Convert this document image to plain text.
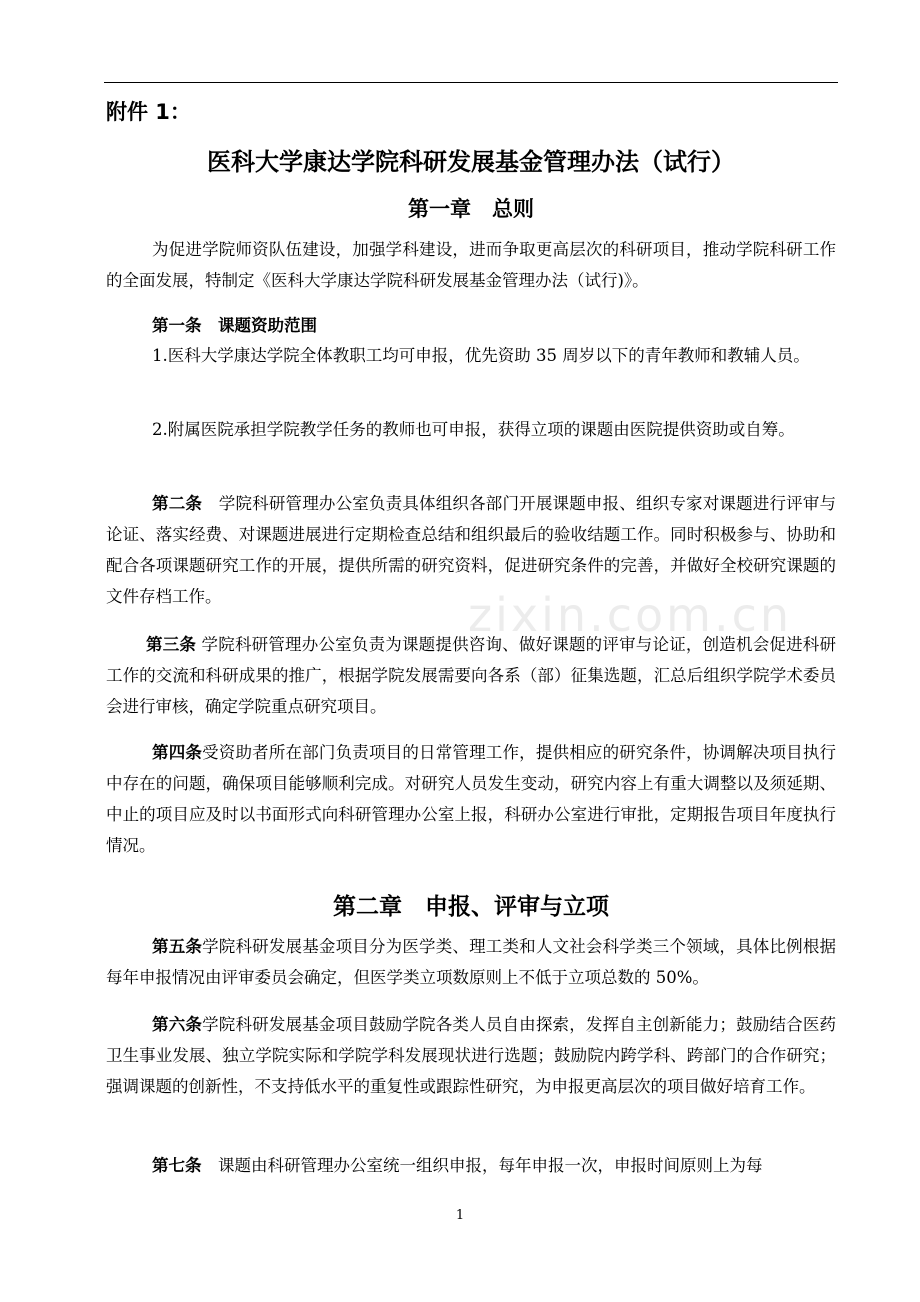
附件 1：
医科大学康达学院科研发展基金管理办法（试行）
第一章　总则

为促进学院师资队伍建设，加强学科建设，进而争取更高层次的科研项目，推动学院科研工作的全面发展，特制定《医科大学康达学院科研发展基金管理办法（试行)》。

第一条　课题资助范围

1.医科大学康达学院全体教职工均可申报，优先资助 35 周岁以下的青年教师和教辅人员。

2.附属医院承担学院教学任务的教师也可申报，获得立项的课题由医院提供资助或自筹。

第二条　学院科研管理办公室负责具体组织各部门开展课题申报、组织专家对课题进行评审与论证、落实经费、对课题进展进行定期检查总结和组织最后的验收结题工作。同时积极参与、协助和配合各项课题研究工作的开展，提供所需的研究资料，促进研究条件的完善，并做好全校研究课题的文件存档工作。

第三条 学院科研管理办公室负责为课题提供咨询、做好课题的评审与论证，创造机会促进科研工作的交流和科研成果的推广，根据学院发展需要向各系（部）征集选题，汇总后组织学院学术委员会进行审核，确定学院重点研究项目。

第四条受资助者所在部门负责项目的日常管理工作，提供相应的研究条件，协调解决项目执行中存在的问题，确保项目能够顺利完成。对研究人员发生变动，研究内容上有重大调整以及须延期、中止的项目应及时以书面形式向科研管理办公室上报，科研办公室进行审批，定期报告项目年度执行情况。

第二章　申报、评审与立项

第五条学院科研发展基金项目分为医学类、理工类和人文社会科学类三个领域，具体比例根据每年申报情况由评审委员会确定，但医学类立项数原则上不低于立项总数的 50%。

第六条学院科研发展基金项目鼓励学院各类人员自由探索，发挥自主创新能力；鼓励结合医药卫生事业发展、独立学院实际和学院学科发展现状进行选题；鼓励院内跨学科、跨部门的合作研究；强调课题的创新性，不支持低水平的重复性或跟踪性研究，为申报更高层次的项目做好培育工作。

第七条　课题由科研管理办公室统一组织申报，每年申报一次，申报时间原则上为每

zixin.com.cn
1
